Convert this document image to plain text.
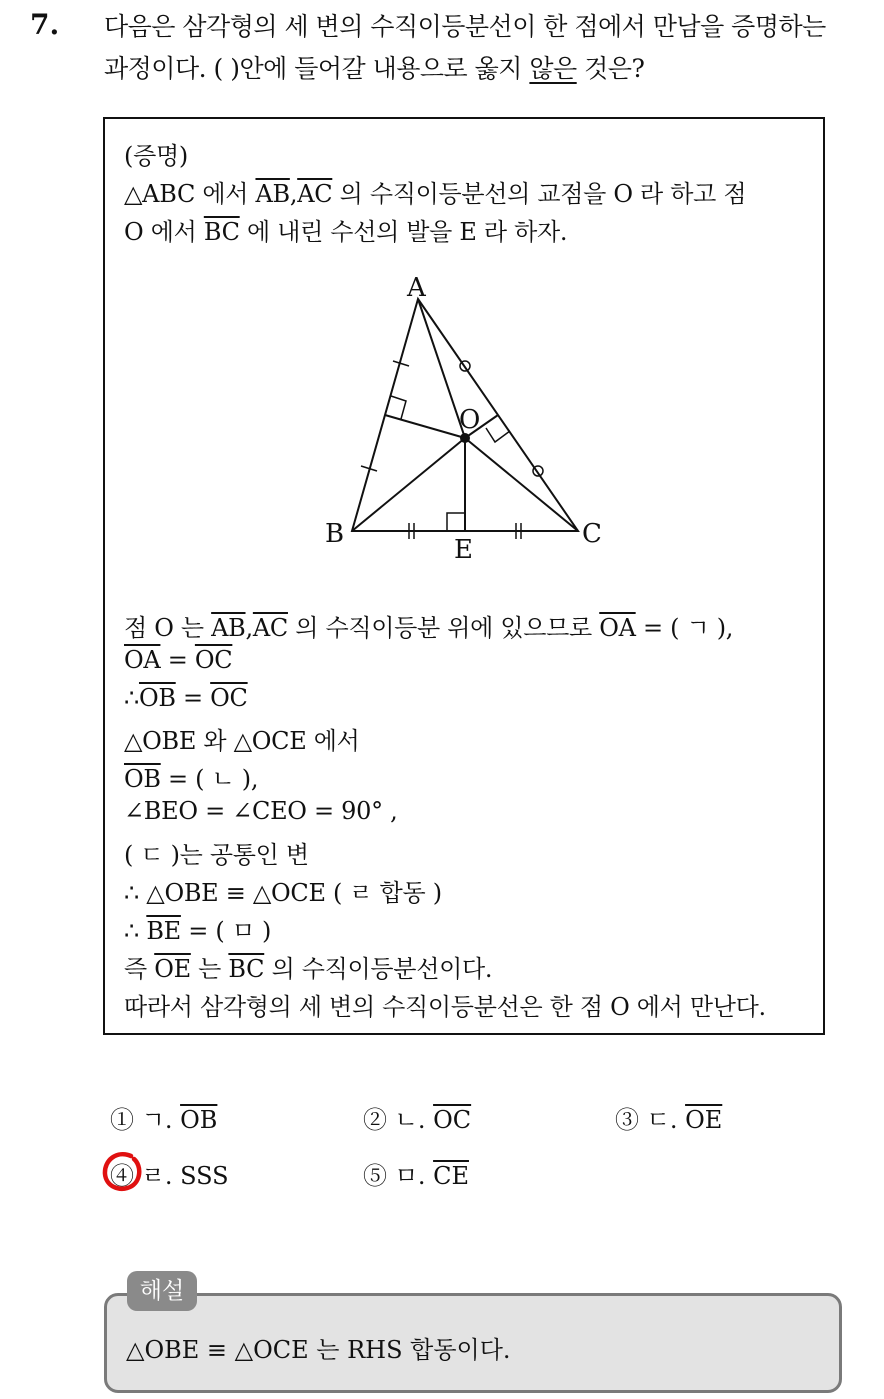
7. 다음은 삼각형의 세 변의 수직이등분선이 한 점에서 만남을 증명하는
과정이다. ( )안에 들어갈 내용으로 옳지 않은 것은?
(증명)
△ABC 에서 $\overline{AB},\overline{AC}$ 의 수직이등분선의 교점을 O 라 하고 점
O 에서 $\overline{BC}$ 에 내린 수선의 발을 E 라 하자.
A
B	C
O
E
점 O 는 $\overline{AB},\overline{AC}$ 의 수직이등분 위에 있으므로 $\overline{OA}$ = ( ㄱ ),
$\overline{OA} = \overline{OC}$
$\therefore\overline{OB} = \overline{OC}$
△OBE 와 △OCE 에서
$\overline{OB}$ = ( ㄴ ),
∠BEO = ∠CEO = 90° ,
( ㄷ )는 공통인 변
∴ △OBE ≡ △OCE ( ㄹ 합동 )
∴ $\overline{BE}$ = ( ㅁ )
즉 $\overline{OE}$ 는 $\overline{BC}$ 의 수직이등분선이다.
따라서 삼각형의 세 변의 수직이등분선은 한 점 O 에서 만난다.
① ㄱ. $\overline{OB}$	② ㄴ. $\overline{OC}$	③ ㄷ. $\overline{OE}$
④ ㄹ. SSS	⑤ ㅁ. $\overline{CE}$
해설
△OBE ≡ △OCE 는 RHS 합동이다.
